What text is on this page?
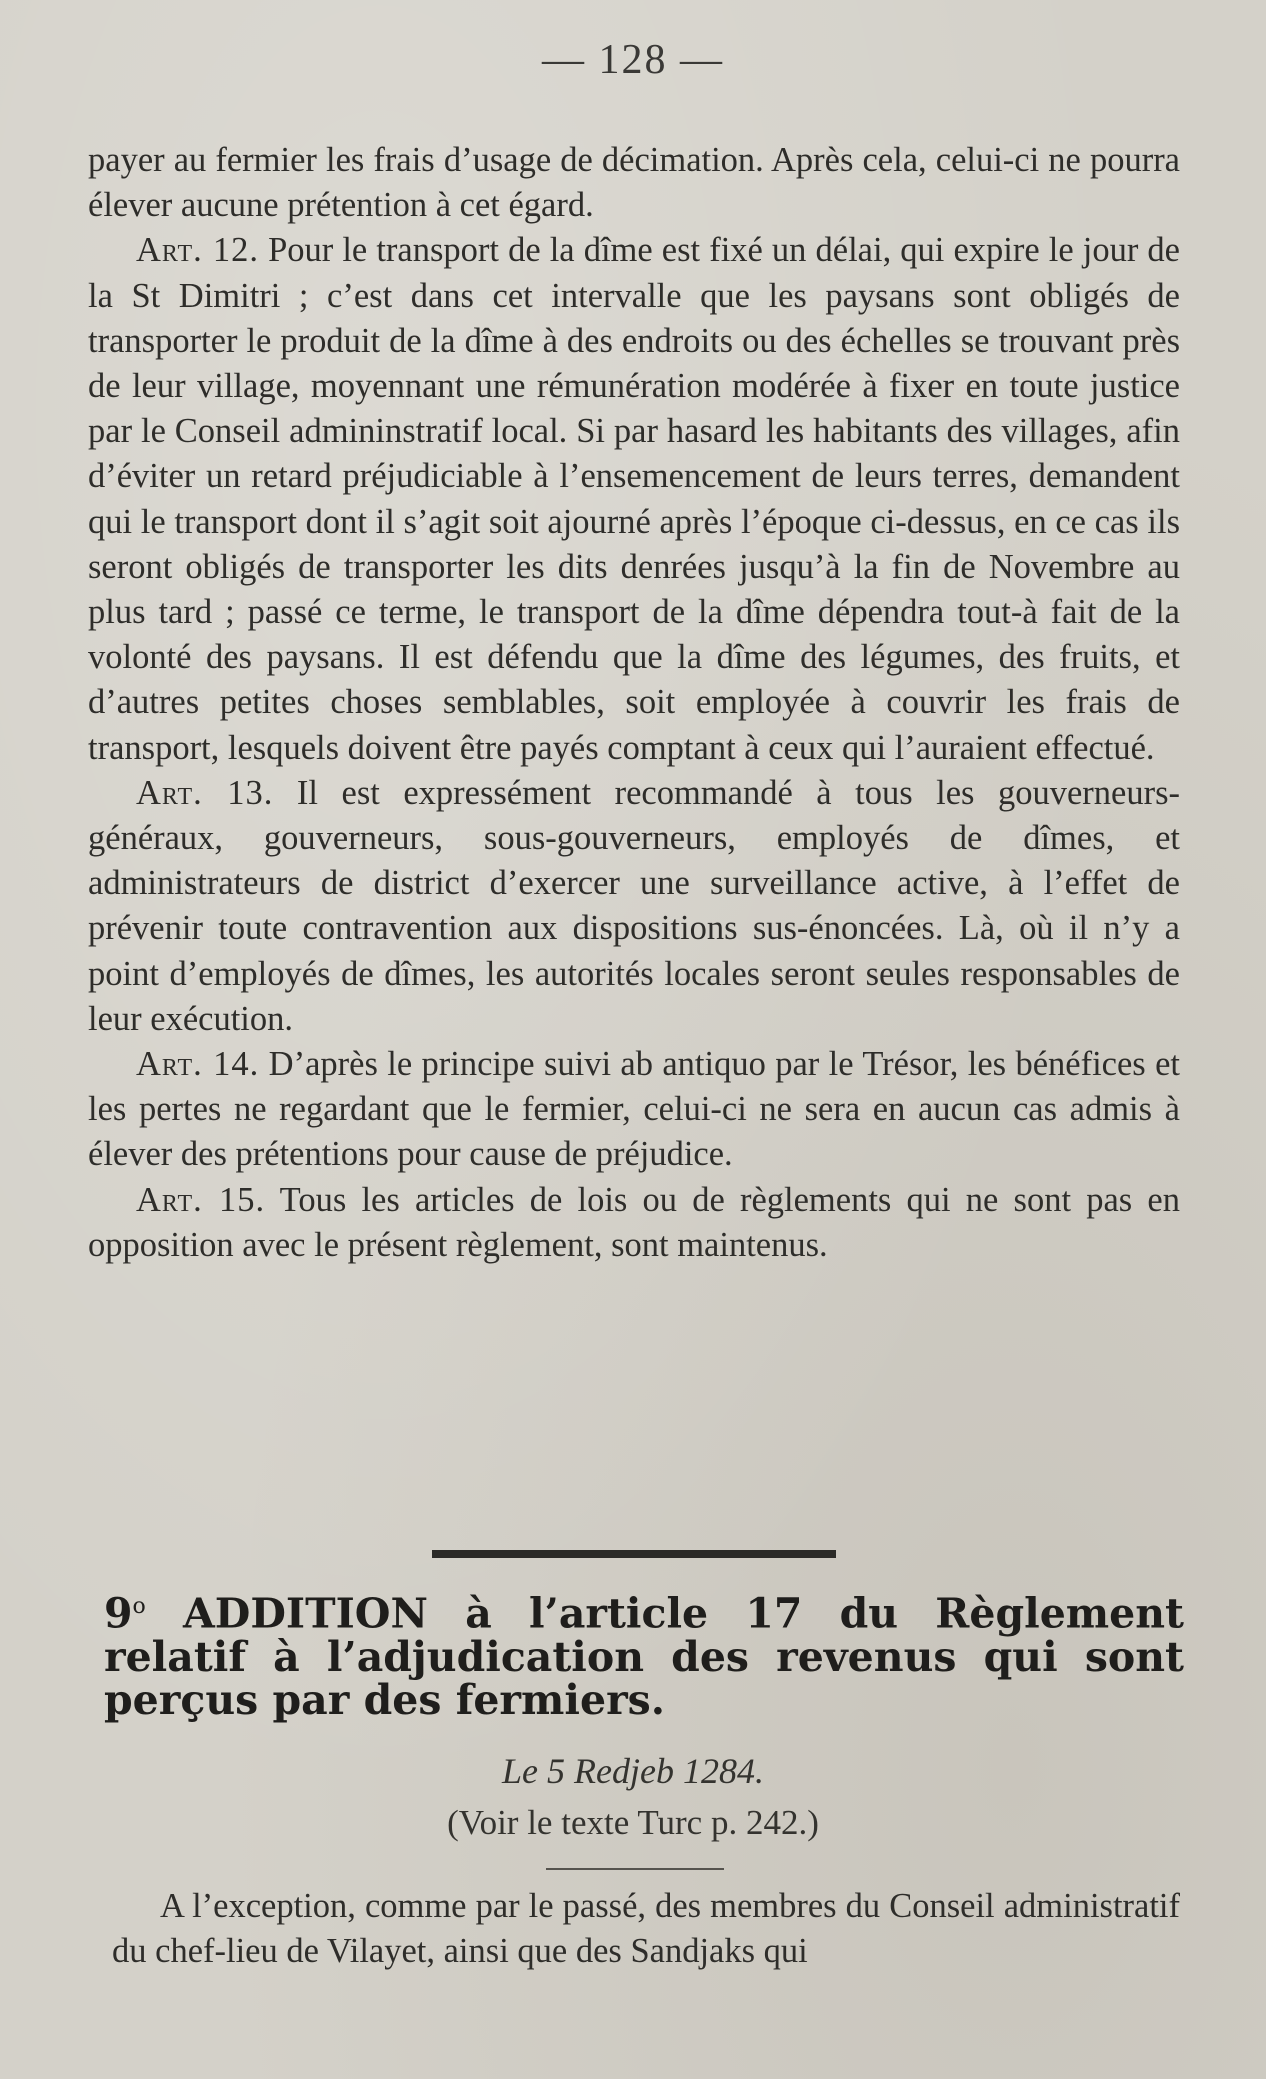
— 128 —

payer au fermier les frais d’usage de décimation. Après cela, celui-ci ne pourra élever aucune prétention à cet égard.

Art. 12. Pour le transport de la dîme est fixé un délai, qui expire le jour de la St Dimitri ; c’est dans cet intervalle que les paysans sont obligés de transporter le produit de la dîme à des endroits ou des échelles se trouvant près de leur village, moyennant une rémunération modérée à fixer en toute justice par le Conseil admininstratif local. Si par hasard les habitants des villages, afin d’éviter un retard préjudiciable à l’ensemencement de leurs terres, demandent qui le transport dont il s’agit soit ajourné après l’époque ci-dessus, en ce cas ils seront obligés de transporter les dits denrées jusqu’à la fin de Novembre au plus tard ; passé ce terme, le transport de la dîme dépendra tout-à fait de la volonté des paysans. Il est défendu que la dîme des légumes, des fruits, et d’autres petites choses semblables, soit employée à couvrir les frais de transport, lesquels doivent être payés comptant à ceux qui l’auraient effectué.

Art. 13. Il est expressément recommandé à tous les gouverneurs-généraux, gouverneurs, sous-gouverneurs, employés de dîmes, et administrateurs de district d’exercer une surveillance active, à l’effet de prévenir toute contravention aux dispositions sus-énoncées. Là, où il n’y a point d’employés de dîmes, les autorités locales seront seules responsables de leur exécution.

Art. 14. D’après le principe suivi ab antiquo par le Trésor, les bénéfices et les pertes ne regardant que le fermier, celui-ci ne sera en aucun cas admis à élever des prétentions pour cause de préjudice.

Art. 15. Tous les articles de lois ou de règlements qui ne sont pas en opposition avec le présent règlement, sont maintenus.

9$^o$ ADDITION à l’article 17 du Règlement relatif à l’adjudication des revenus qui sont perçus par des fermiers.
Le 5 Redjeb 1284.
(Voir le texte Turc p. 242.)

A l’exception, comme par le passé, des membres du Conseil administratif du chef-lieu de Vilayet, ainsi que des Sandjaks qui
